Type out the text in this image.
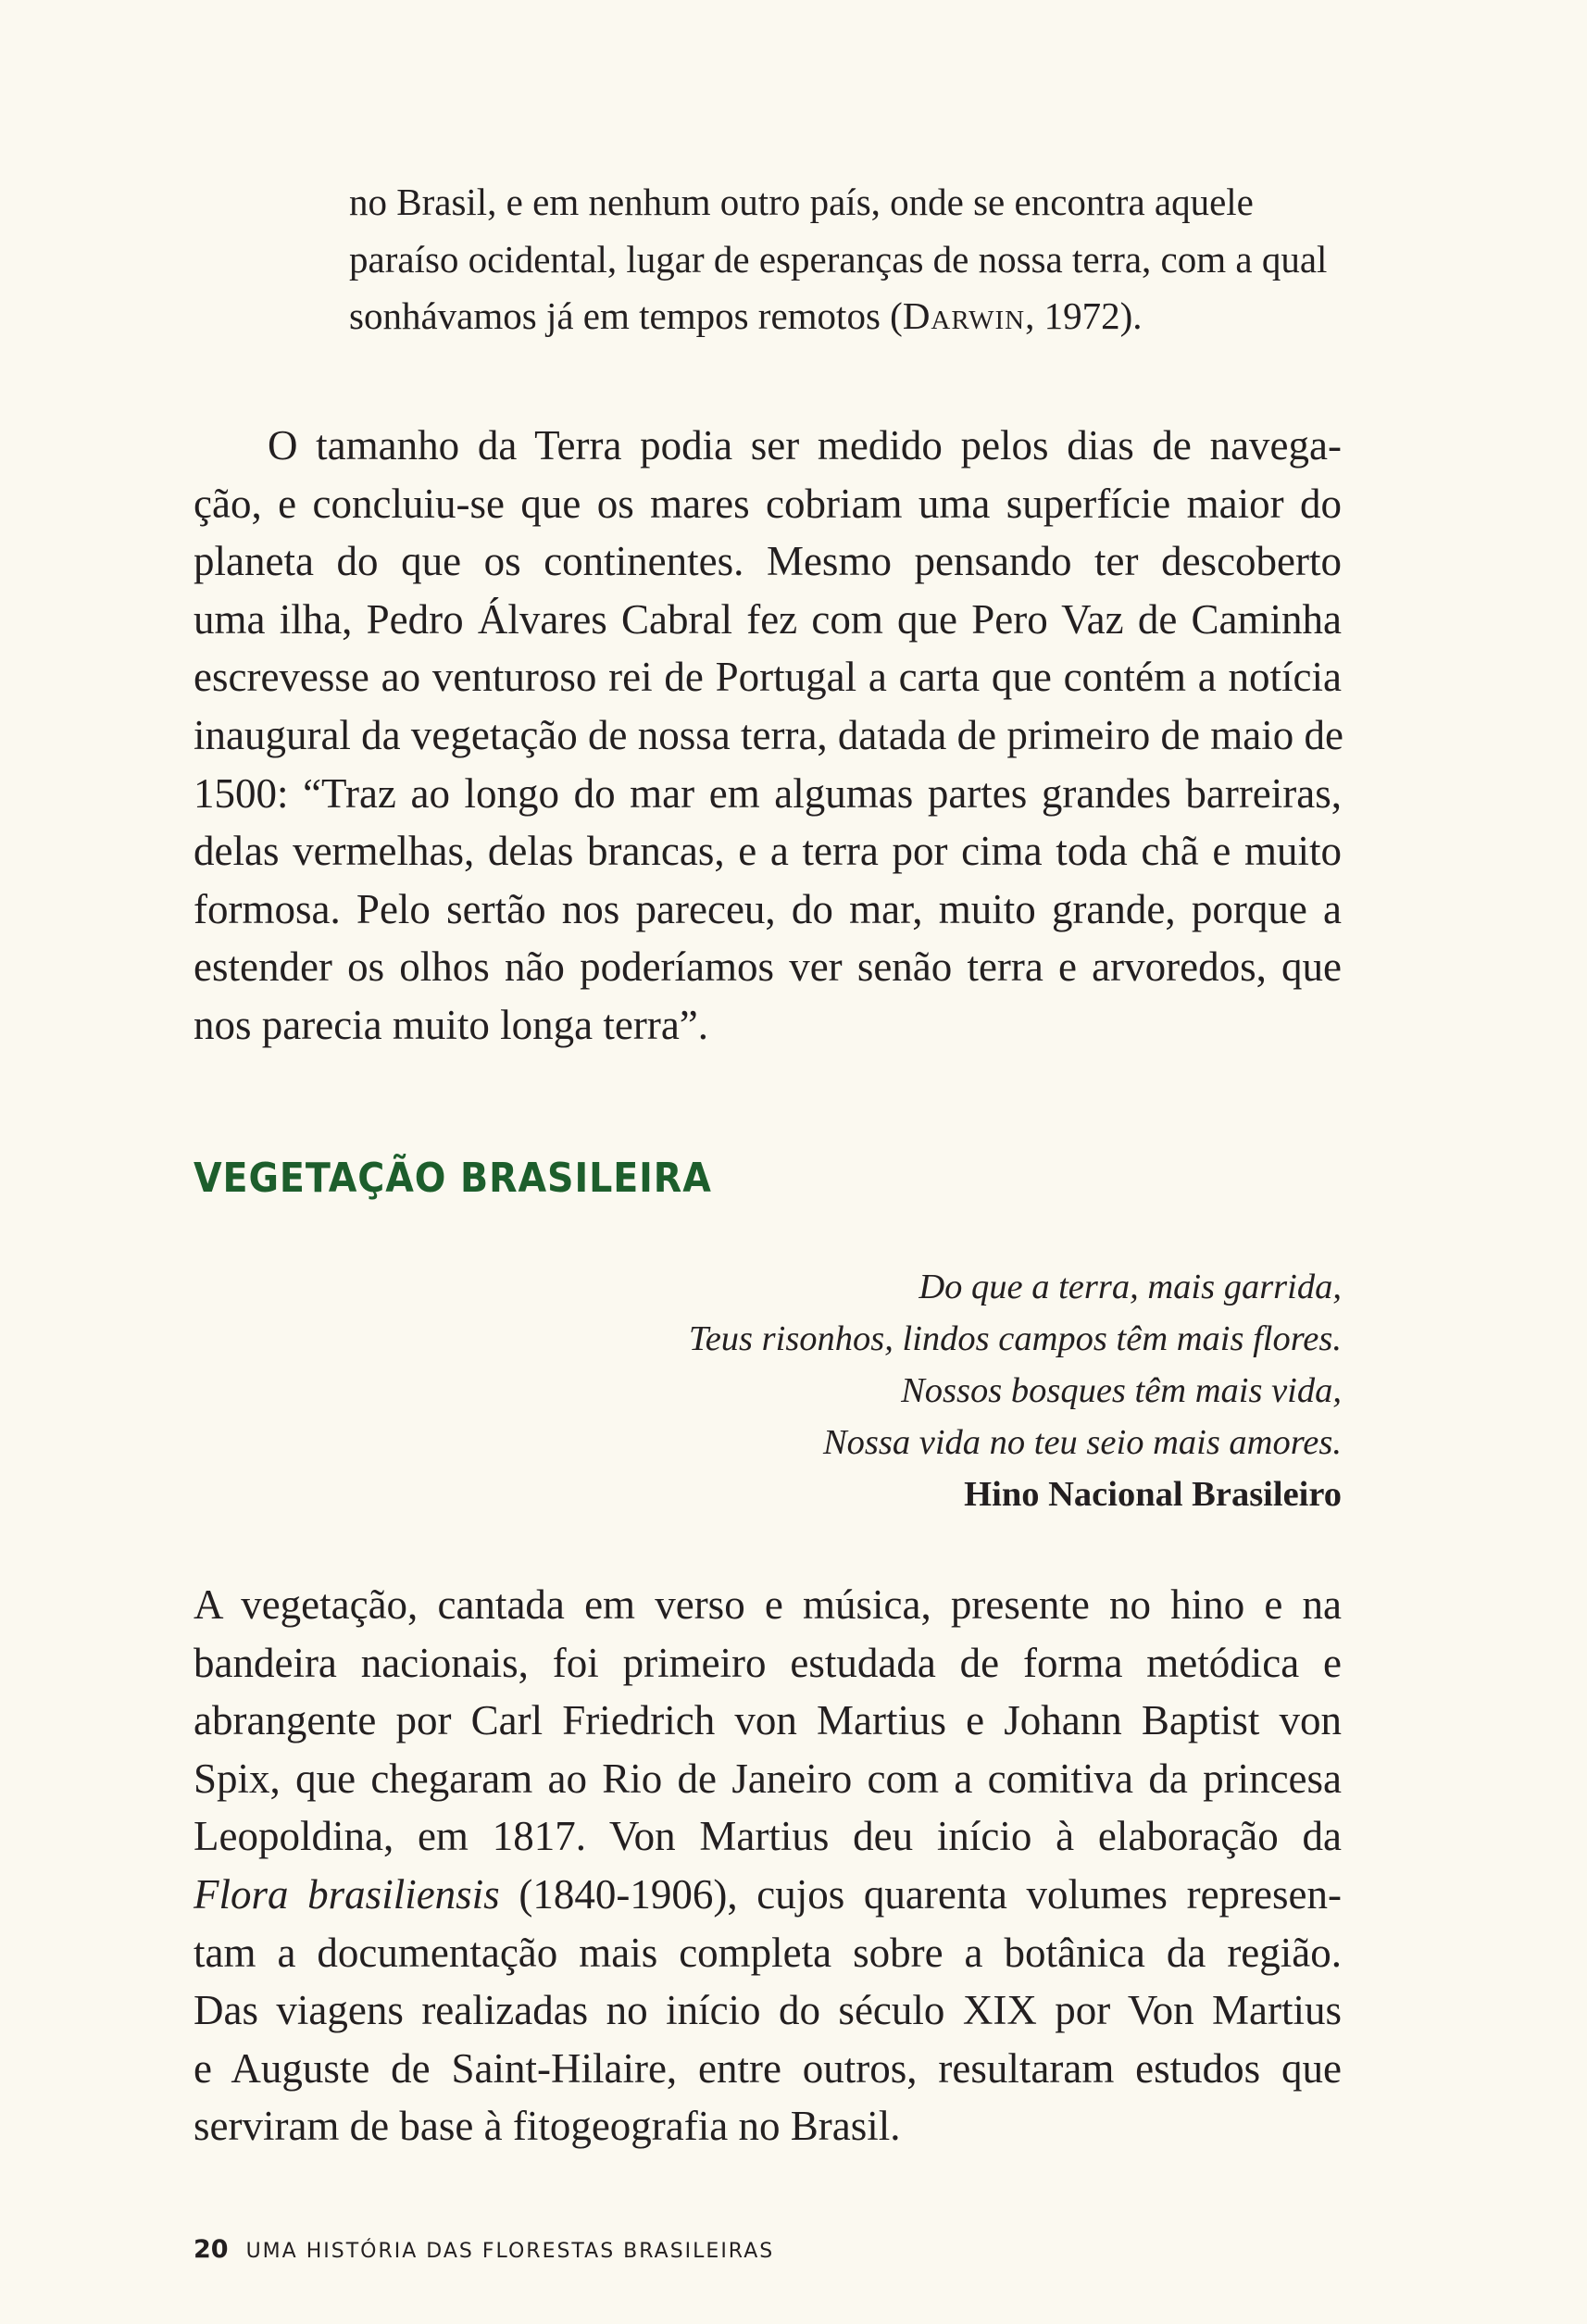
no Brasil, e em nenhum outro país, onde se encontra aquele
paraíso ocidental, lugar de esperanças de nossa terra, com a qual
sonhávamos já em tempos remotos (Darwin, 1972).
O tamanho da Terra podia ser medido pelos dias de navega-
ção, e concluiu-se que os mares cobriam uma superfície maior do
planeta do que os continentes. Mesmo pensando ter descoberto
uma ilha, Pedro Álvares Cabral fez com que Pero Vaz de Caminha
escrevesse ao venturoso rei de Portugal a carta que contém a notícia
inaugural da vegetação de nossa terra, datada de primeiro de maio de
1500: “Traz ao longo do mar em algumas partes grandes barreiras,
delas vermelhas, delas brancas, e a terra por cima toda chã e muito
formosa. Pelo sertão nos pareceu, do mar, muito grande, porque a
estender os olhos não poderíamos ver senão terra e arvoredos, que
nos parecia muito longa terra”.
VEGETAÇÃO BRASILEIRA
Do que a terra, mais garrida,
Teus risonhos, lindos campos têm mais flores.
Nossos bosques têm mais vida,
Nossa vida no teu seio mais amores.
Hino Nacional Brasileiro
A vegetação, cantada em verso e música, presente no hino e na
bandeira nacionais, foi primeiro estudada de forma metódica e
abrangente por Carl Friedrich von Martius e Johann Baptist von
Spix, que chegaram ao Rio de Janeiro com a comitiva da princesa
Leopoldina, em 1817. Von Martius deu início à elaboração da
Flora brasiliensis (1840-1906), cujos quarenta volumes represen-
tam a documentação mais completa sobre a botânica da região.
Das viagens realizadas no início do século XIX por Von Martius
e Auguste de Saint-Hilaire, entre outros, resultaram estudos que
serviram de base à fitogeografia no Brasil.
20 UMA HISTÓRIA DAS FLORESTAS BRASILEIRAS
